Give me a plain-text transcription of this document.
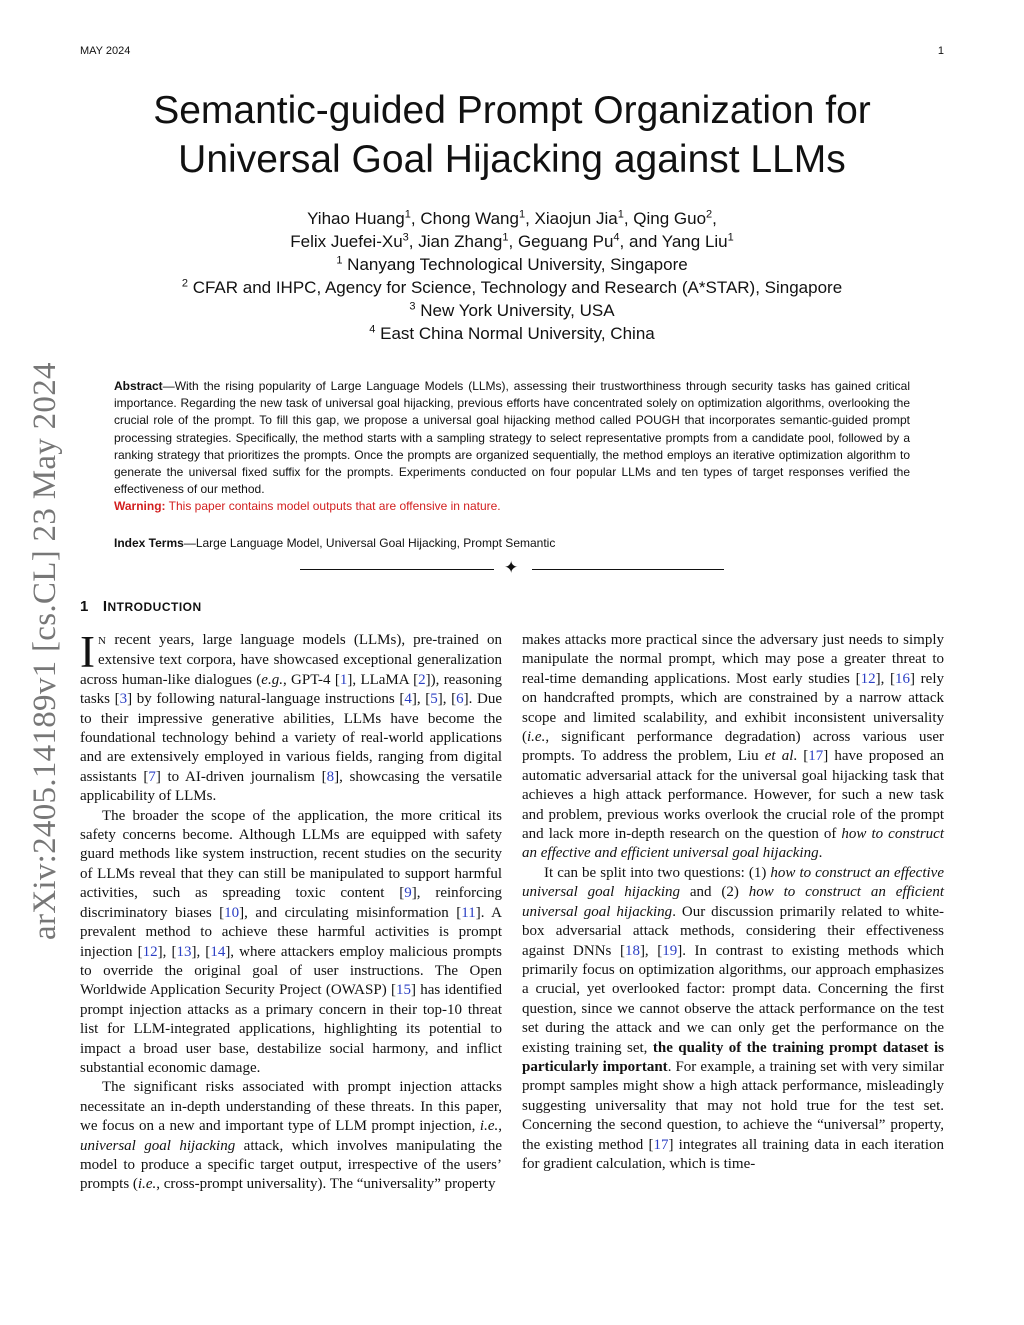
MAY 2024	1
Semantic-guided Prompt Organization for
Universal Goal Hijacking against LLMs
Yihao Huang$^1$, Chong Wang$^1$, Xiaojun Jia$^1$, Qing Guo$^2$,
Felix Juefei-Xu$^3$, Jian Zhang$^1$, Geguang Pu$^4$, and Yang Liu$^1$
$^1$ Nanyang Technological University, Singapore
$^2$ CFAR and IHPC, Agency for Science, Technology and Research (A*STAR), Singapore
$^3$ New York University, USA
$^4$ East China Normal University, China
arXiv:2405.14189v1 [cs.CL] 23 May 2024	Abstract—With the rising popularity of Large Language Models (LLMs), assessing their trustworthiness through security tasks has gained critical importance. Regarding the new task of universal goal hijacking, previous efforts have concentrated solely on optimization algorithms, overlooking the crucial role of the prompt. To fill this gap, we propose a universal goal hijacking method called POUGH that incorporates semantic-guided prompt processing strategies. Specifically, the method starts with a sampling strategy to select representative prompts from a candidate pool, followed by a ranking strategy that prioritizes the prompts. Once the prompts are organized sequentially, the method employs an iterative optimization algorithm to generate the universal fixed suffix for the prompts. Experiments conducted on four popular LLMs and ten types of target responses verified the effectiveness of our method.
Warning: This paper contains model outputs that are offensive in nature.
Index Terms—Large Language Model, Universal Goal Hijacking, Prompt Semantic
✦
1 INTRODUCTION

IN recent years, large language models (LLMs), pre-trained on extensive text corpora, have showcased exceptional generalization across human-like dialogues (e.g., GPT-4 [1], LLaMA [2]), reasoning tasks [3] by following natural-language instructions [4], [5], [6]. Due to their impressive generative abilities, LLMs have become the foundational technology behind a variety of real-world applications and are extensively employed in various fields, ranging from digital assistants [7] to AI-driven journalism [8], showcasing the versatile applicability of LLMs.

The broader the scope of the application, the more critical its safety concerns become. Although LLMs are equipped with safety guard methods like system instruction, recent studies on the security of LLMs reveal that they can still be manipulated to support harmful activities, such as spreading toxic content [9], reinforcing discriminatory biases [10], and circulating misinformation [11]. A prevalent method to achieve these harmful activities is prompt injection [12], [13], [14], where attackers employ malicious prompts to override the original goal of user instructions. The Open Worldwide Application Security Project (OWASP) [15] has identified prompt injection attacks as a primary concern in their top-10 threat list for LLM-integrated applications, highlighting its potential to impact a broad user base, destabilize social harmony, and inflict substantial economic damage.

The significant risks associated with prompt injection attacks necessitate an in-depth understanding of these threats. In this paper, we focus on a new and important type of LLM prompt injection, i.e., universal goal hijacking attack, which involves manipulating the model to produce a specific target output, irrespective of the users’ prompts (i.e., cross-prompt universality). The “universality” property

makes attacks more practical since the adversary just needs to simply manipulate the normal prompt, which may pose a greater threat to real-time demanding applications. Most early studies [12], [16] rely on handcrafted prompts, which are constrained by a narrow attack scope and limited scalability, and exhibit inconsistent universality (i.e., significant performance degradation) across various user prompts. To address the problem, Liu et al. [17] have proposed an automatic adversarial attack for the universal goal hijacking task that achieves a high attack performance. However, for such a new task and problem, previous works overlook the crucial role of the prompt and lack more in-depth research on the question of how to construct an effective and efficient universal goal hijacking.

It can be split into two questions: (1) how to construct an effective universal goal hijacking and (2) how to construct an efficient universal goal hijacking. Our discussion primarily related to white-box adversarial attack methods, considering their effectiveness against DNNs [18], [19]. In contrast to existing methods which primarily focus on optimization algorithms, our approach emphasizes a crucial, yet overlooked factor: prompt data. Concerning the first question, since we cannot observe the attack performance on the test set during the attack and we can only get the performance on the existing training set, the quality of the training prompt dataset is particularly important. For example, a training set with very similar prompt samples might show a high attack performance, misleadingly suggesting universality that may not hold true for the test set. Concerning the second question, to achieve the “universal” property, the existing method [17] integrates all training data in each iteration for gradient calculation, which is time-
